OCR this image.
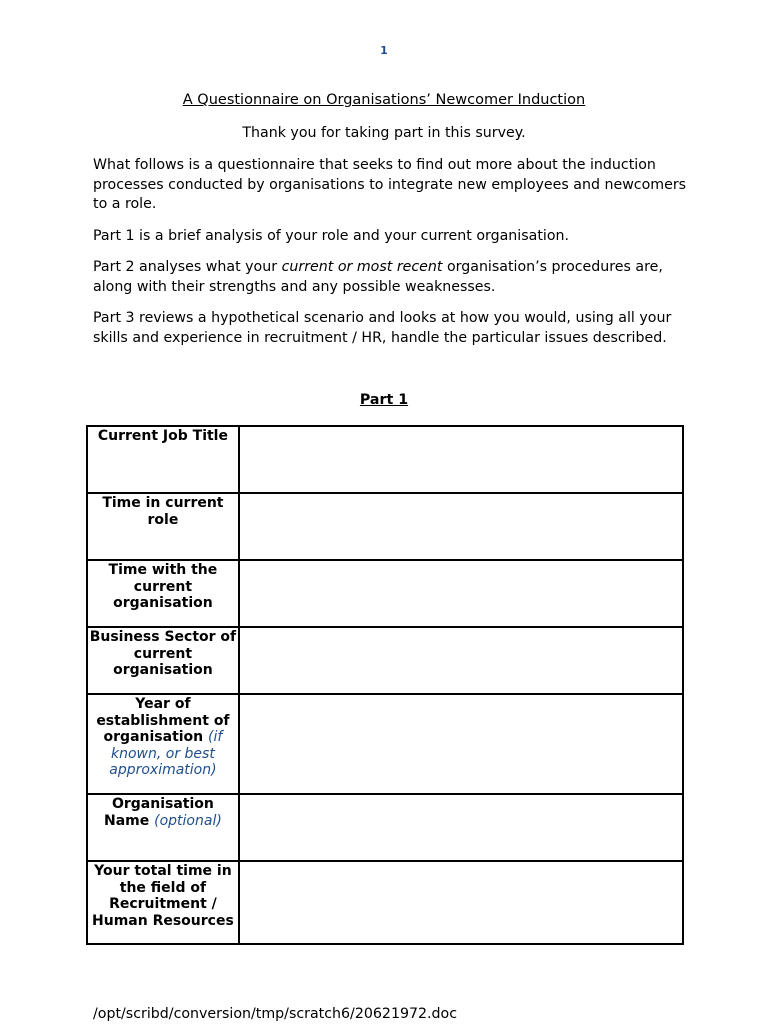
1
A Questionnaire on Organisations’ Newcomer Induction
Thank you for taking part in this survey.

What follows is a questionnaire that seeks to find out more about the induction processes conducted by organisations to integrate new employees and newcomers to a role.

Part 1 is a brief analysis of your role and your current organisation.

Part 2 analyses what your current or most recent organisation’s procedures are, along with their strengths and any possible weaknesses.

Part 3 reviews a hypothetical scenario and looks at how you would, using all your skills and experience in recruitment / HR, handle the particular issues described.

Part 1
Current Job Title	
Time in current role	
Time with the current organisation	
Business Sector of current organisation	
Year of establishment of organisation (if known, or best approximation)	
Organisation Name (optional)	
Your total time in the field of Recruitment / Human Resources	
/opt/scribd/conversion/tmp/scratch6/20621972.doc
